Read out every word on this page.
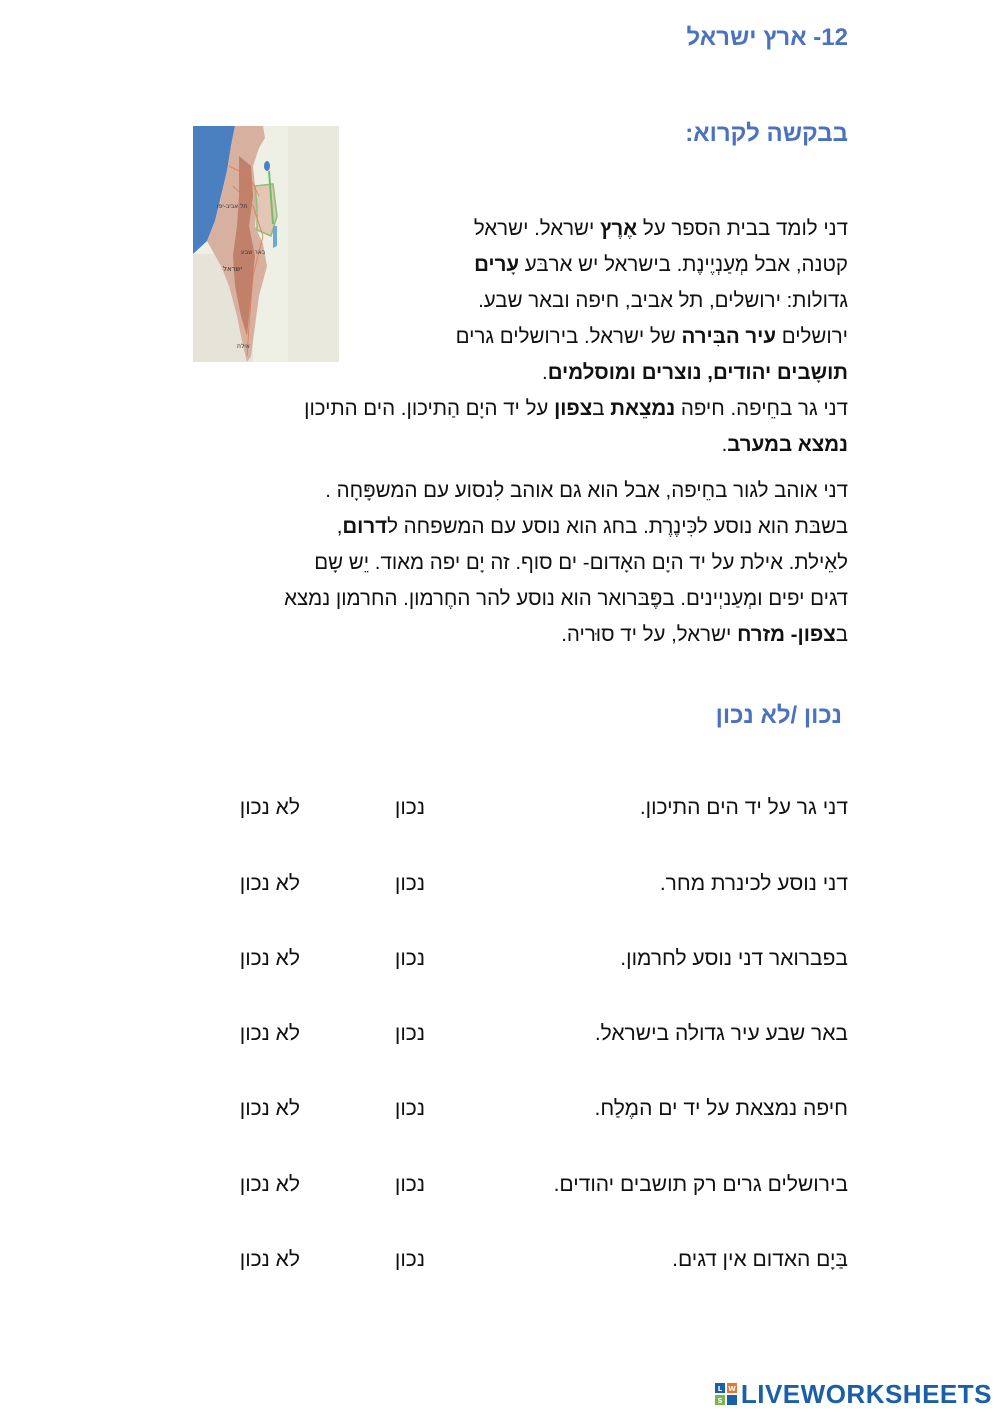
12- ארץ ישראל
בבקשה לקרוא:
תל אביב-יפו
ישראל
באר שבע
אילת
דני לומד בבית הספר על אֶרֶץ ישראל. ישראל
קטנה, אבל מְעַנְיֶינֶת. בישראל יש ארבּע עָרים
גדולות: ירושלים, תל אביב, חיפה ובאר שבע.
ירושלים עיר הבִּירה של ישראל. בירושלים גרים
תושָבים יהודים, נוצרים ומוסלמים.
דני גר בחֵיפה. חיפה נמצֵאת בצפון על יד היָם הַתיכון. הים התיכון
נמצא במערב.
דני אוהב לגור בחֵיפה, אבל הוא גם אוהב לִנסוע עם המשפָּחָה .
בשבּת הוא נוסע לכִּינֶרֶת. בחג הוא נוסע עם המשפחה לדרום,
לאֵילת. אילת על יד היָם האָדום- ים סוף. זה יָם יפה מאוד. יֵש שָם
דגים יפים ומְעַניְינים. בפֶּבּרואר הוא נוסע להר החֶרמון. החרמון נמצא
בצפון- מזרח ישראל, על יד סוּריה.
נכון /לא נכון
דני גר על יד הים התיכון.
נכון
לא נכון
דני נוסע לכינרת מחר.
נכון
לא נכון
בפברואר דני נוסע לחרמון.
נכון
לא נכון
באר שבע עיר גדולה בישראל.
נכון
לא נכון
חיפה נמצאת על יד ים המֶלַח.
נכון
לא נכון
בירושלים גרים רק תושבים יהודים.
נכון
לא נכון
בַּיָם האדום אין דגים.
נכון
לא נכון
L W
S LIVEWORKSHEETS
